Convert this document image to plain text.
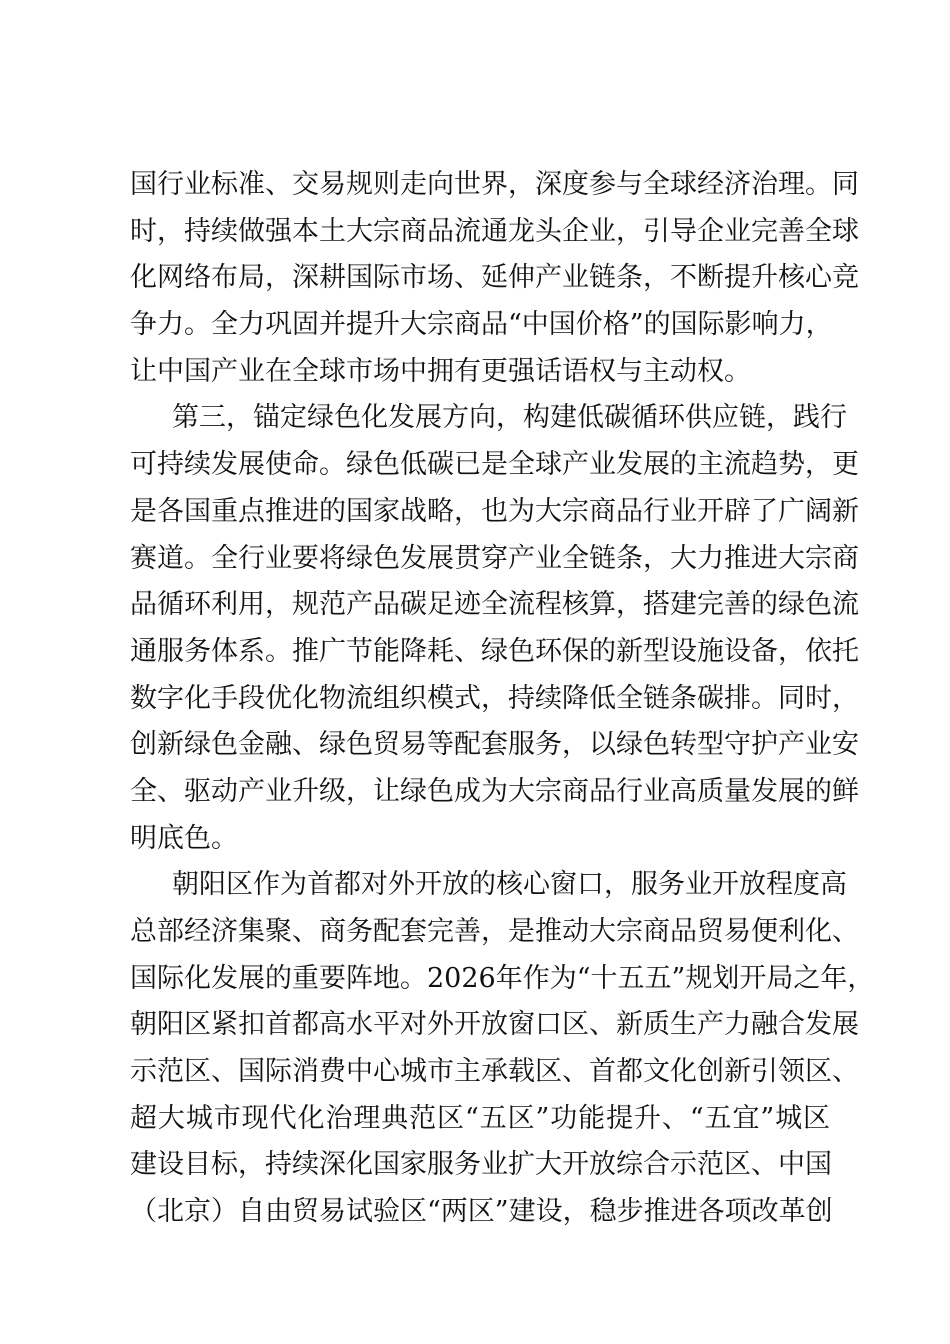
国行业标准、交易规则走向世界，深度参与全球经济治理。同
时，持续做强本土大宗商品流通龙头企业，引导企业完善全球
化网络布局，深耕国际市场、延伸产业链条，不断提升核心竞
争力。全力巩固并提升大宗商品“中国价格”的国际影响力，
让中国产业在全球市场中拥有更强话语权与主动权。
第三，锚定绿色化发展方向，构建低碳循环供应链，践行
可持续发展使命。绿色低碳已是全球产业发展的主流趋势，更
是各国重点推进的国家战略，也为大宗商品行业开辟了广阔新
赛道。全行业要将绿色发展贯穿产业全链条，大力推进大宗商
品循环利用，规范产品碳足迹全流程核算，搭建完善的绿色流
通服务体系。推广节能降耗、绿色环保的新型设施设备，依托
数字化手段优化物流组织模式，持续降低全链条碳排。同时，
创新绿色金融、绿色贸易等配套服务，以绿色转型守护产业安
全、驱动产业升级，让绿色成为大宗商品行业高质量发展的鲜
明底色。
朝阳区作为首都对外开放的核心窗口，服务业开放程度高
总部经济集聚、商务配套完善，是推动大宗商品贸易便利化、
国际化发展的重要阵地。2026年作为“十五五”规划开局之年，
朝阳区紧扣首都高水平对外开放窗口区、新质生产力融合发展
示范区、国际消费中心城市主承载区、首都文化创新引领区、
超大城市现代化治理典范区“五区”功能提升、“五宜”城区
建设目标，持续深化国家服务业扩大开放综合示范区、中国
（北京）自由贸易试验区“两区”建设，稳步推进各项改革创
